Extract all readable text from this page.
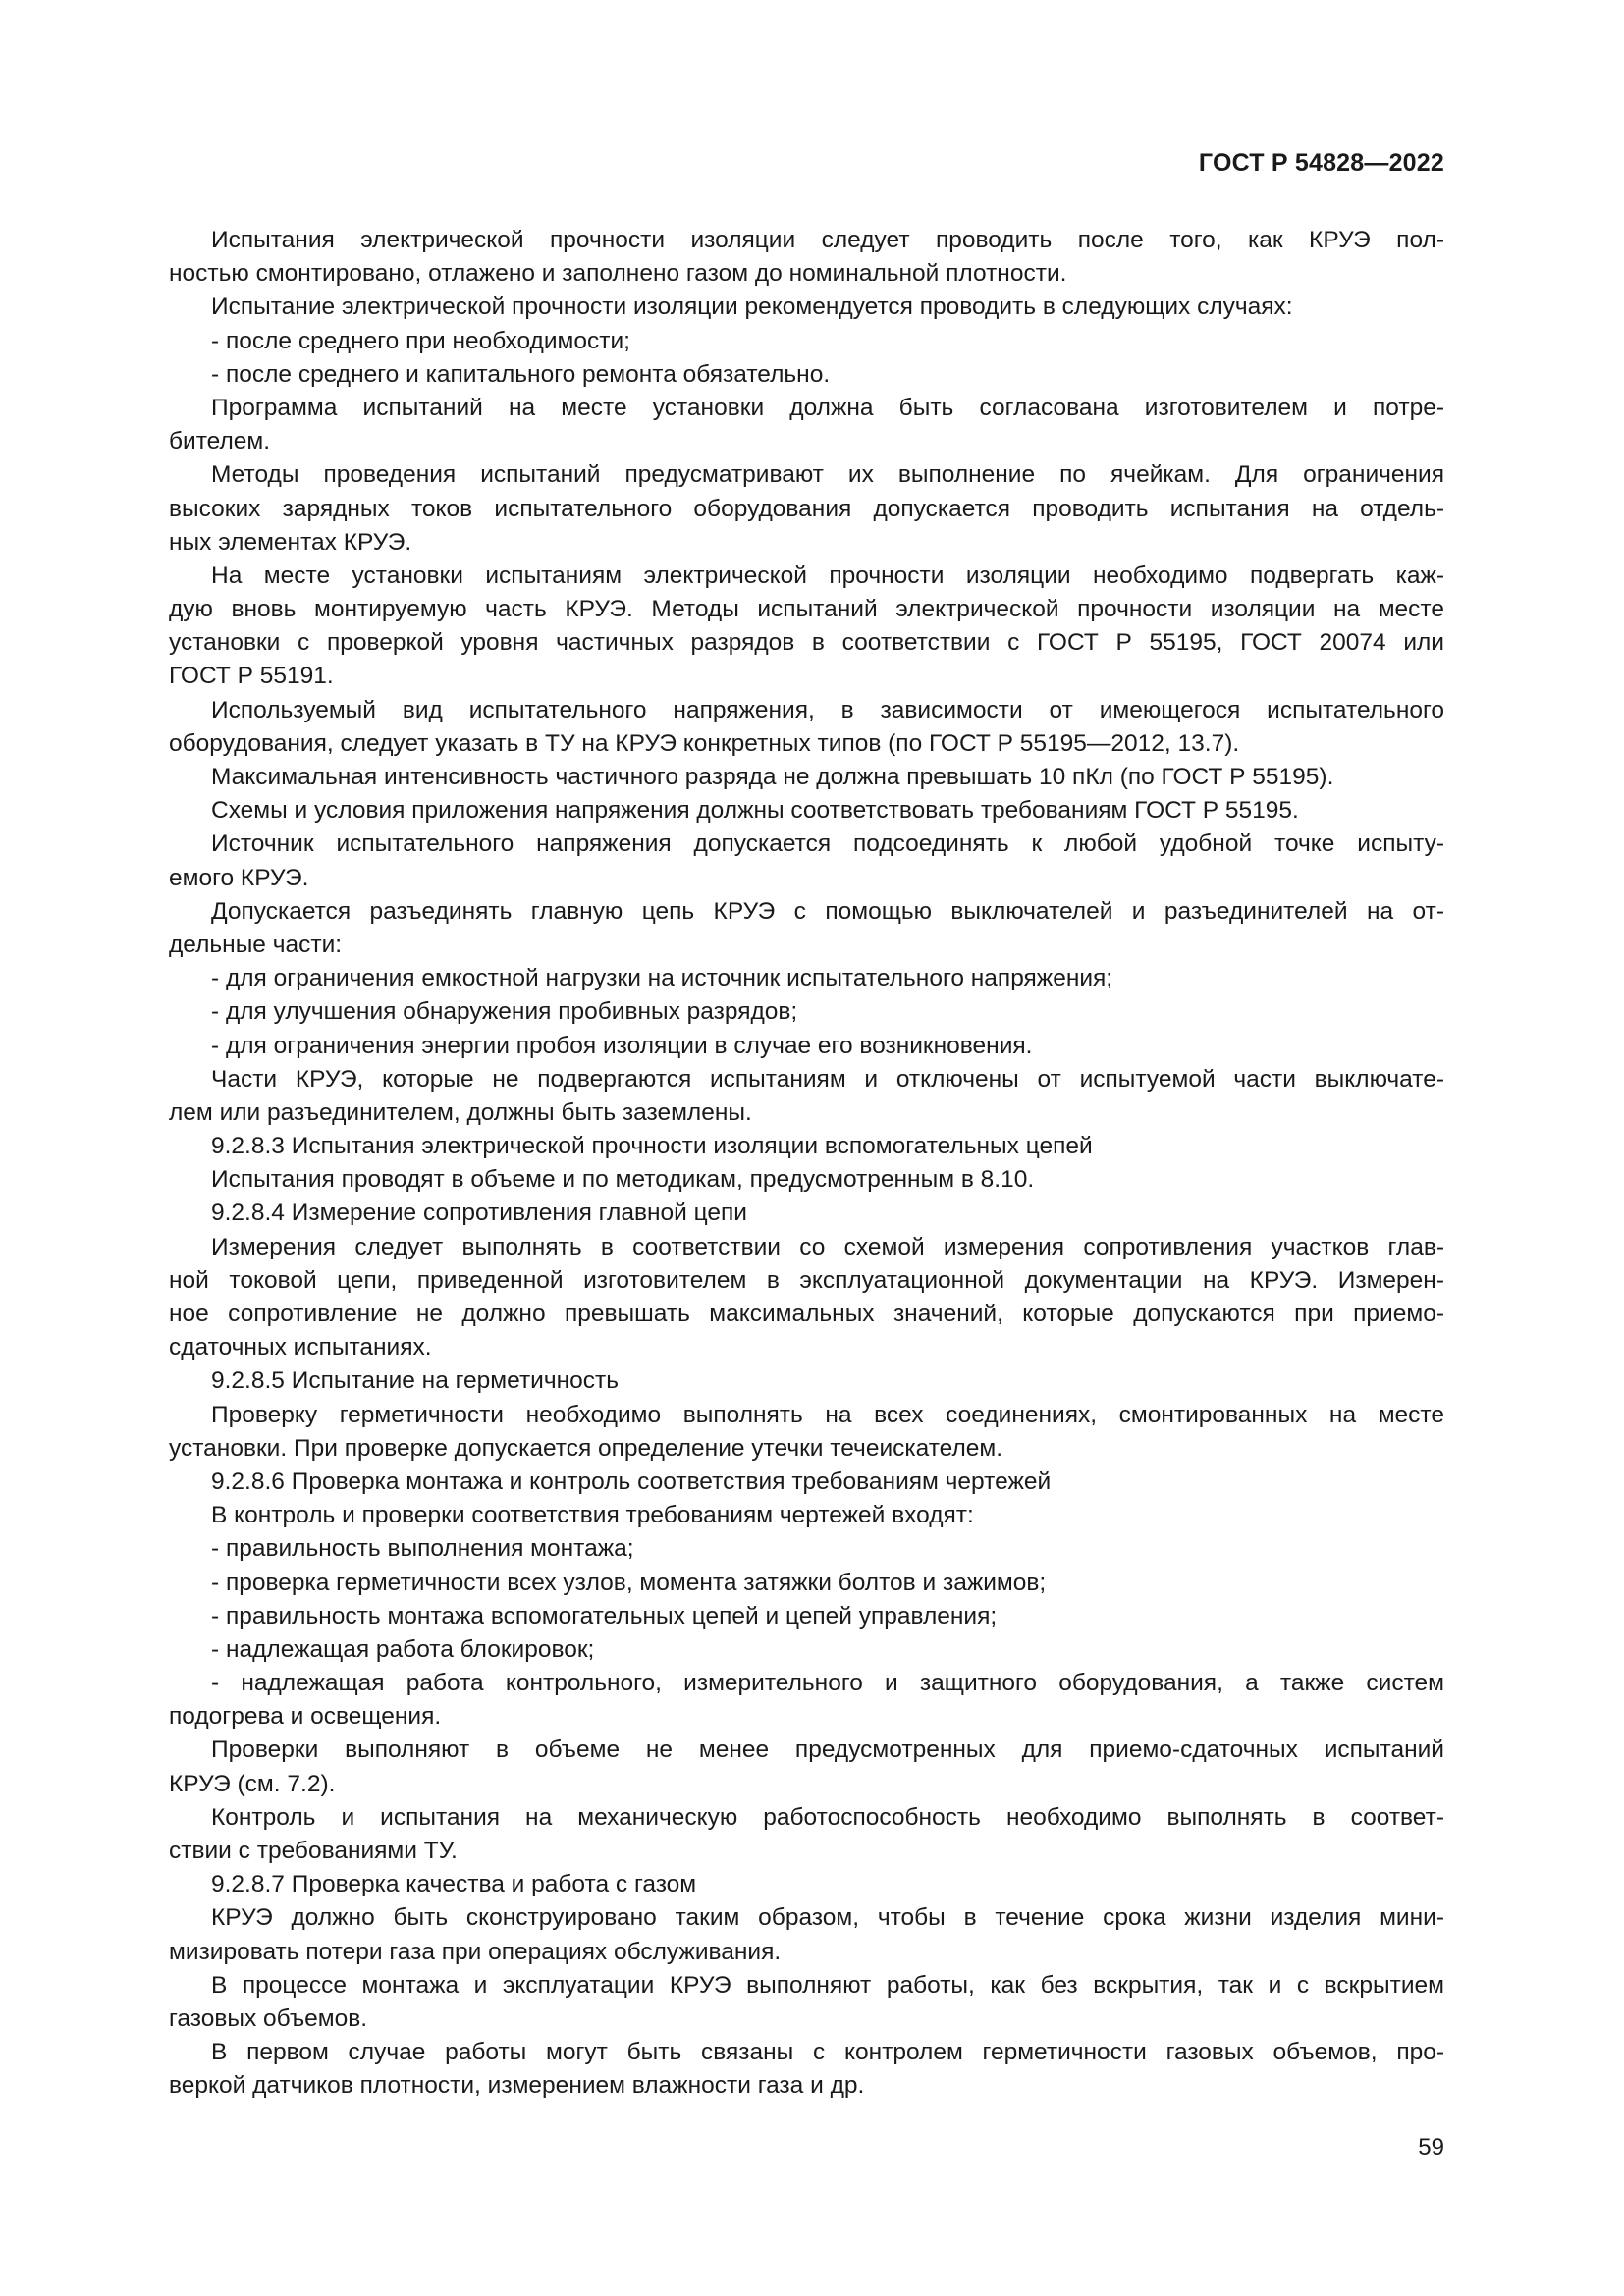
ГОСТ Р 54828—2022
Испытания электрической прочности изоляции следует проводить после того, как КРУЭ пол-
ностью смонтировано, отлажено и заполнено газом до номинальной плотности.
Испытание электрической прочности изоляции рекомендуется проводить в следующих случаях:
- после среднего при необходимости;
- после среднего и капитального ремонта обязательно.
Программа испытаний на месте установки должна быть согласована изготовителем и потре-
бителем.
Методы проведения испытаний предусматривают их выполнение по ячейкам. Для ограничения
высоких зарядных токов испытательного оборудования допускается проводить испытания на отдель-
ных элементах КРУЭ.
На месте установки испытаниям электрической прочности изоляции необходимо подвергать каж-
дую вновь монтируемую часть КРУЭ. Методы испытаний электрической прочности изоляции на месте
установки с проверкой уровня частичных разрядов в соответствии с ГОСТ Р 55195, ГОСТ 20074 или
ГОСТ Р 55191.
Используемый вид испытательного напряжения, в зависимости от имеющегося испытательного
оборудования, следует указать в ТУ на КРУЭ конкретных типов (по ГОСТ Р 55195—2012, 13.7).
Максимальная интенсивность частичного разряда не должна превышать 10 пКл (по ГОСТ Р 55195).
Схемы и условия приложения напряжения должны соответствовать требованиям ГОСТ Р 55195.
Источник испытательного напряжения допускается подсоединять к любой удобной точке испыту-
емого КРУЭ.
Допускается разъединять главную цепь КРУЭ с помощью выключателей и разъединителей на от-
дельные части:
- для ограничения емкостной нагрузки на источник испытательного напряжения;
- для улучшения обнаружения пробивных разрядов;
- для ограничения энергии пробоя изоляции в случае его возникновения.
Части КРУЭ, которые не подвергаются испытаниям и отключены от испытуемой части выключате-
лем или разъединителем, должны быть заземлены.
9.2.8.3 Испытания электрической прочности изоляции вспомогательных цепей
Испытания проводят в объеме и по методикам, предусмотренным в 8.10.
9.2.8.4 Измерение сопротивления главной цепи
Измерения следует выполнять в соответствии со схемой измерения сопротивления участков глав-
ной токовой цепи, приведенной изготовителем в эксплуатационной документации на КРУЭ. Измерен-
ное сопротивление не должно превышать максимальных значений, которые допускаются при приемо-
сдаточных испытаниях.
9.2.8.5 Испытание на герметичность
Проверку герметичности необходимо выполнять на всех соединениях, смонтированных на месте
установки. При проверке допускается определение утечки течеискателем.
9.2.8.6 Проверка монтажа и контроль соответствия требованиям чертежей
В контроль и проверки соответствия требованиям чертежей входят:
- правильность выполнения монтажа;
- проверка герметичности всех узлов, момента затяжки болтов и зажимов;
- правильность монтажа вспомогательных цепей и цепей управления;
- надлежащая работа блокировок;
- надлежащая работа контрольного, измерительного и защитного оборудования, а также систем
подогрева и освещения.
Проверки выполняют в объеме не менее предусмотренных для приемо-сдаточных испытаний
КРУЭ (см. 7.2).
Контроль и испытания на механическую работоспособность необходимо выполнять в соответ-
ствии с требованиями ТУ.
9.2.8.7 Проверка качества и работа с газом
КРУЭ должно быть сконструировано таким образом, чтобы в течение срока жизни изделия мини-
мизировать потери газа при операциях обслуживания.
В процессе монтажа и эксплуатации КРУЭ выполняют работы, как без вскрытия, так и с вскрытием
газовых объемов.
В первом случае работы могут быть связаны с контролем герметичности газовых объемов, про-
веркой датчиков плотности, измерением влажности газа и др.
59
